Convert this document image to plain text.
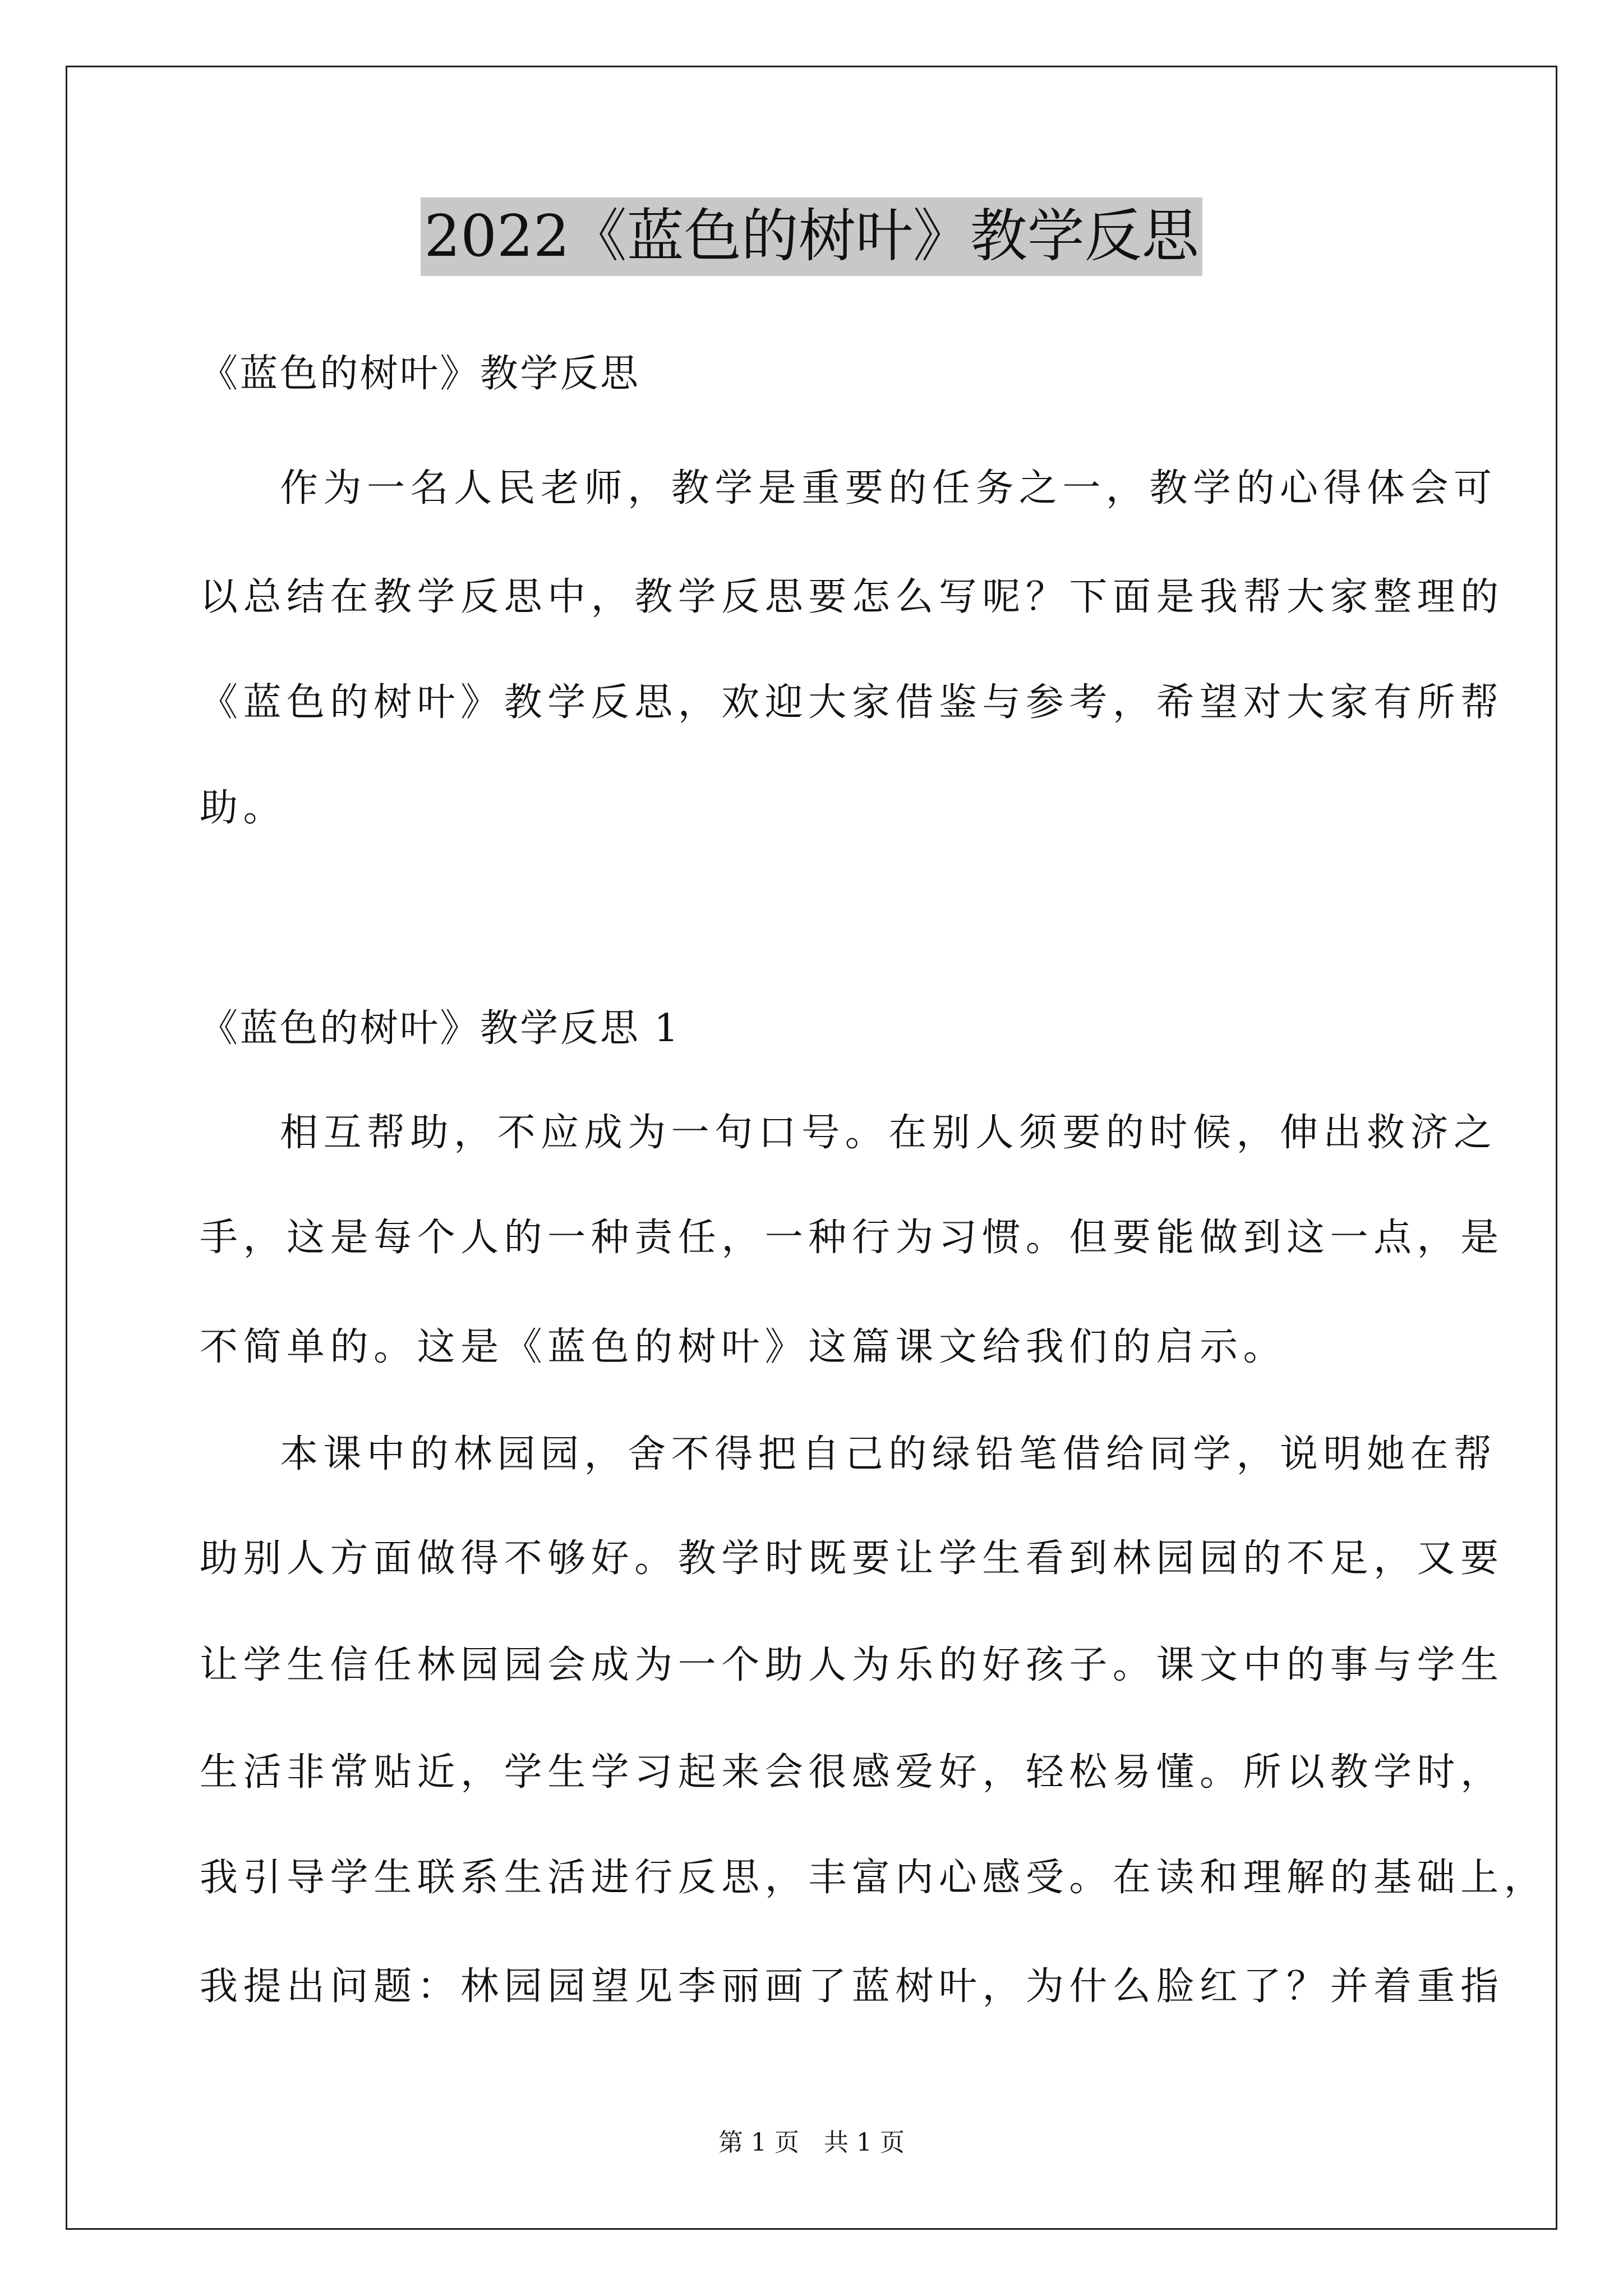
2022《蓝色的树叶》教学反思
《蓝色的树叶》教学反思
作为一名人民老师，教学是重要的任务之一，教学的心得体会可
以总结在教学反思中，教学反思要怎么写呢？下面是我帮大家整理的
《蓝色的树叶》教学反思，欢迎大家借鉴与参考，希望对大家有所帮
助。
《蓝色的树叶》教学反思 1
相互帮助，不应成为一句口号。在别人须要的时候，伸出救济之
手，这是每个人的一种责任，一种行为习惯。但要能做到这一点，是
不简单的。这是《蓝色的树叶》这篇课文给我们的启示。
本课中的林园园，舍不得把自己的绿铅笔借给同学，说明她在帮
助别人方面做得不够好。教学时既要让学生看到林园园的不足，又要
让学生信任林园园会成为一个助人为乐的好孩子。课文中的事与学生
生活非常贴近，学生学习起来会很感爱好，轻松易懂。所以教学时，
我引导学生联系生活进行反思，丰富内心感受。在读和理解的基础上，
我提出问题：林园园望见李丽画了蓝树叶，为什么脸红了？并着重指
第 1 页　共 1 页
